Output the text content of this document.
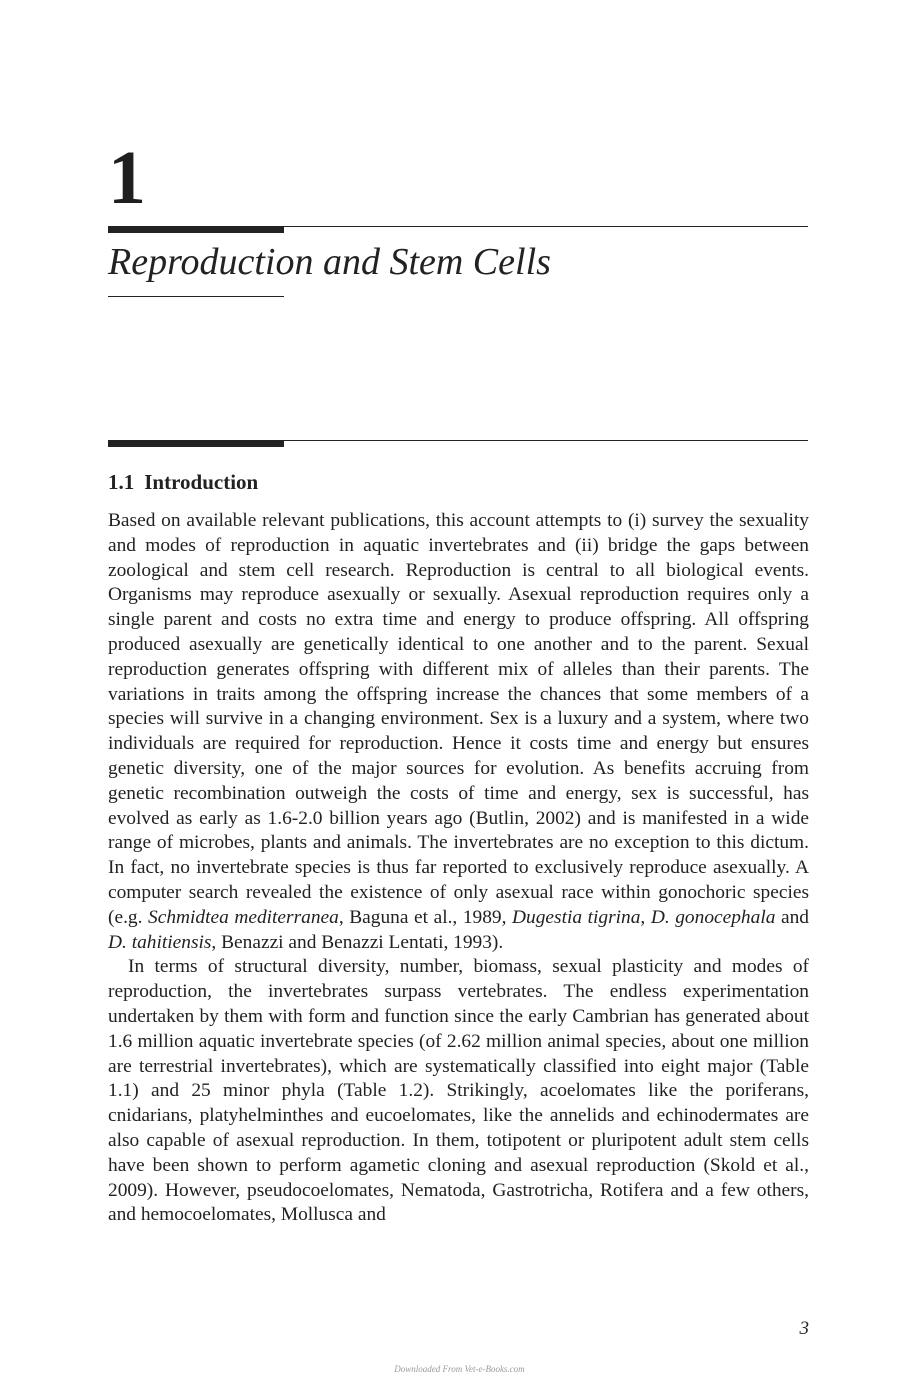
1
Reproduction and Stem Cells
1.1 Introduction

Based on available relevant publications, this account attempts to (i) survey the sexuality and modes of reproduction in aquatic invertebrates and (ii) bridge the gaps between zoological and stem cell research. Reproduction is central to all biological events. Organisms may reproduce asexually or sexually. Asexual reproduction requires only a single parent and costs no extra time and energy to produce offspring. All offspring produced asexually are genetically identical to one another and to the parent. Sexual reproduction generates offspring with different mix of alleles than their parents. The variations in traits among the offspring increase the chances that some members of a species will survive in a changing environment. Sex is a luxury and a system, where two individuals are required for reproduction. Hence it costs time and energy but ensures genetic diversity, one of the major sources for evolution. As benefits accruing from genetic recombination outweigh the costs of time and energy, sex is successful, has evolved as early as 1.6-2.0 billion years ago (Butlin, 2002) and is manifested in a wide range of microbes, plants and animals. The invertebrates are no exception to this dictum. In fact, no invertebrate species is thus far reported to exclusively reproduce asexually. A computer search revealed the existence of only asexual race within gonochoric species (e.g. Schmidtea mediterranea, Baguna et al., 1989, Dugestia tigrina, D. gonocephala and D. tahitiensis, Benazzi and Benazzi Lentati, 1993).

In terms of structural diversity, number, biomass, sexual plasticity and modes of reproduction, the invertebrates surpass vertebrates. The endless experimentation undertaken by them with form and function since the early Cambrian has generated about 1.6 million aquatic invertebrate species (of 2.62 million animal species, about one million are terrestrial invertebrates), which are systematically classified into eight major (Table 1.1) and 25 minor phyla (Table 1.2). Strikingly, acoelomates like the poriferans, cnidarians, platyhelminthes and eucoelomates, like the annelids and echinodermates are also capable of asexual reproduction. In them, totipotent or pluripotent adult stem cells have been shown to perform agametic cloning and asexual reproduction (Skold et al., 2009). However, pseudocoelomates, Nematoda, Gastrotricha, Rotifera and a few others, and hemocoelomates, Mollusca and

3
Downloaded From Vet-e-Books.com
